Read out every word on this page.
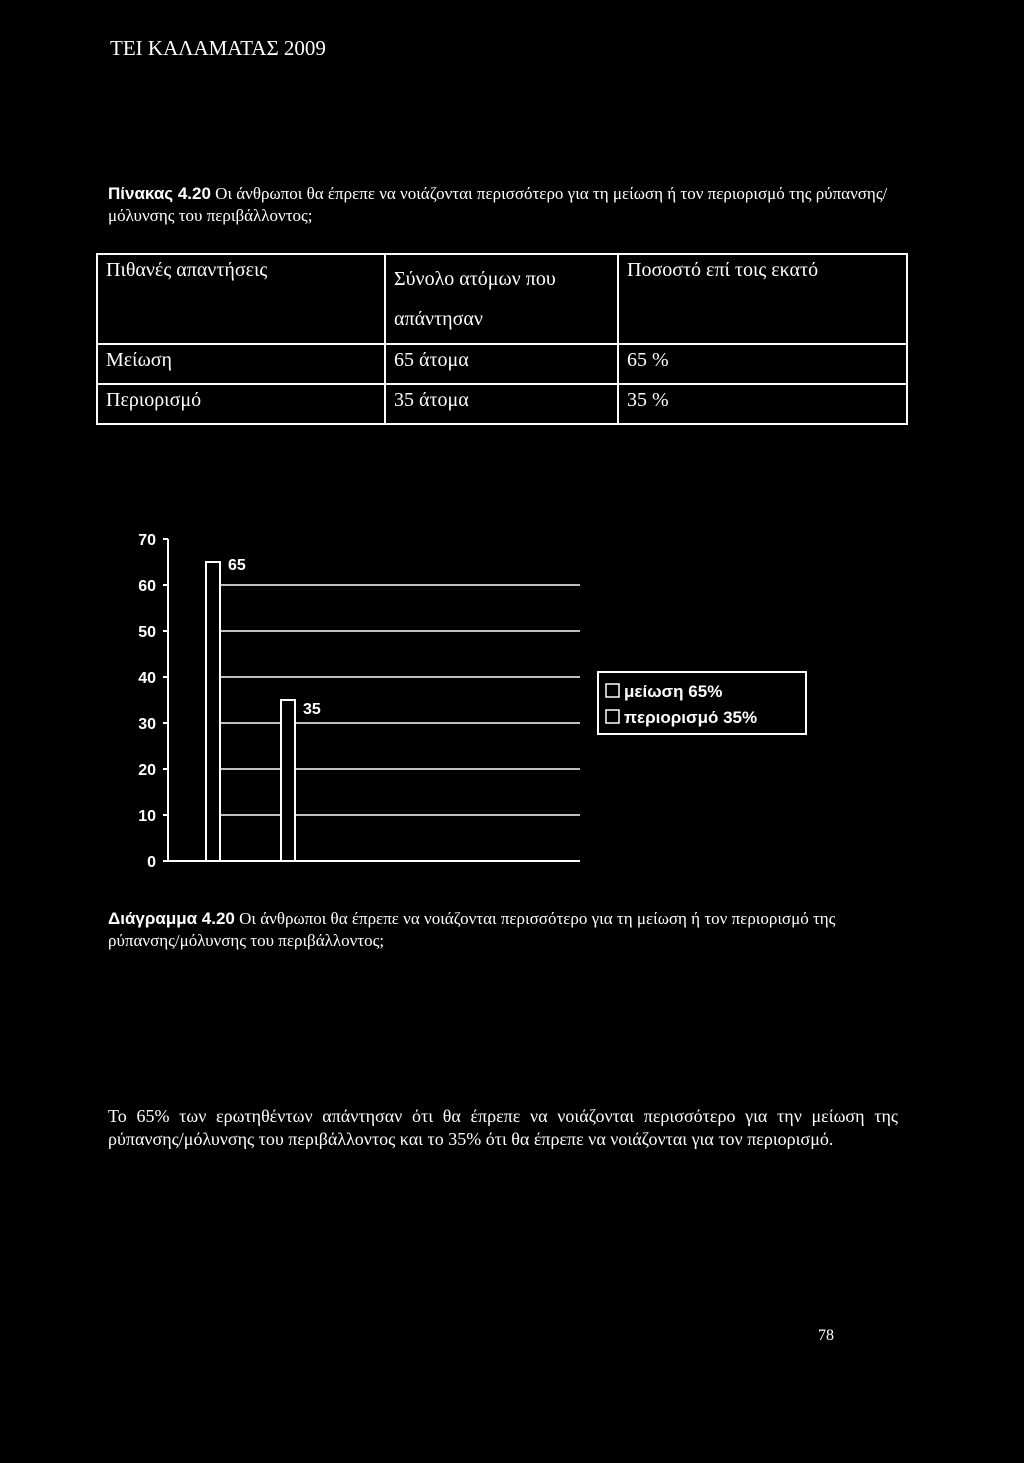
ΤΕΙ ΚΑΛΑΜΑΤΑΣ 2009
Πίνακας 4.20 Οι άνθρωποι θα έπρεπε να νοιάζονται περισσότερο για τη μείωση ή τον περιορισμό της ρύπανσης/μόλυνσης του περιβάλλοντος;
Πιθανές απαντήσεις	Σύνολο ατόμων που απάντησαν	Ποσοστό επί τοις εκατό
Μείωση	65 άτομα	65 %
Περιορισμό	35 άτομα	35 %
0
10
20
30
40
50
60
70
65
35
μείωση 65%
περιορισμό 35%
Διάγραμμα 4.20 Οι άνθρωποι θα έπρεπε να νοιάζονται περισσότερο για τη μείωση ή τον περιορισμό της ρύπανσης/μόλυνσης του περιβάλλοντος;
Το 65% των ερωτηθέντων απάντησαν ότι θα έπρεπε να νοιάζονται περισσότερο για την μείωση της ρύπανσης/μόλυνσης του περιβάλλοντος και το 35% ότι θα έπρεπε να νοιάζονται για τον περιορισμό.
78
